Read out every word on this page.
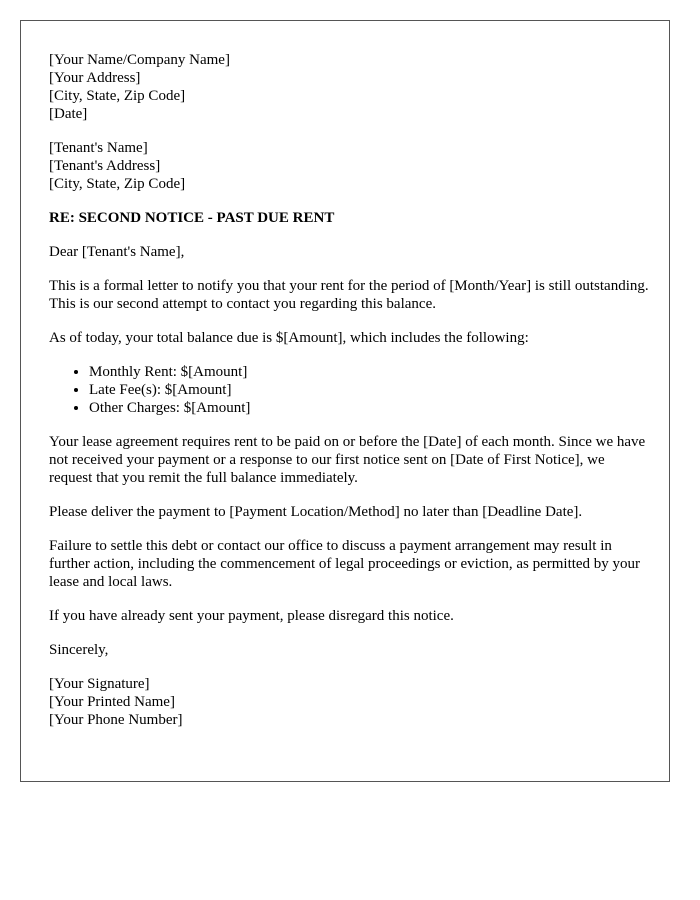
[Your Name/Company Name]
[Your Address]
[City, State, Zip Code]
[Date]
[Tenant's Name]
[Tenant's Address]
[City, State, Zip Code]

RE: SECOND NOTICE - PAST DUE RENT

Dear [Tenant's Name],

This is a formal letter to notify you that your rent for the period of [Month/Year] is still outstanding. This is our second attempt to contact you regarding this balance.

As of today, your total balance due is $[Amount], which includes the following:

• Monthly Rent: $[Amount]
• Late Fee(s): $[Amount]
• Other Charges: $[Amount]

Your lease agreement requires rent to be paid on or before the [Date] of each month. Since we have not received your payment or a response to our first notice sent on [Date of First Notice], we request that you remit the full balance immediately.

Please deliver the payment to [Payment Location/Method] no later than [Deadline Date].

Failure to settle this debt or contact our office to discuss a payment arrangement may result in further action, including the commencement of legal proceedings or eviction, as permitted by your lease and local laws.

If you have already sent your payment, please disregard this notice.

Sincerely,

[Your Signature]
[Your Printed Name]
[Your Phone Number]
